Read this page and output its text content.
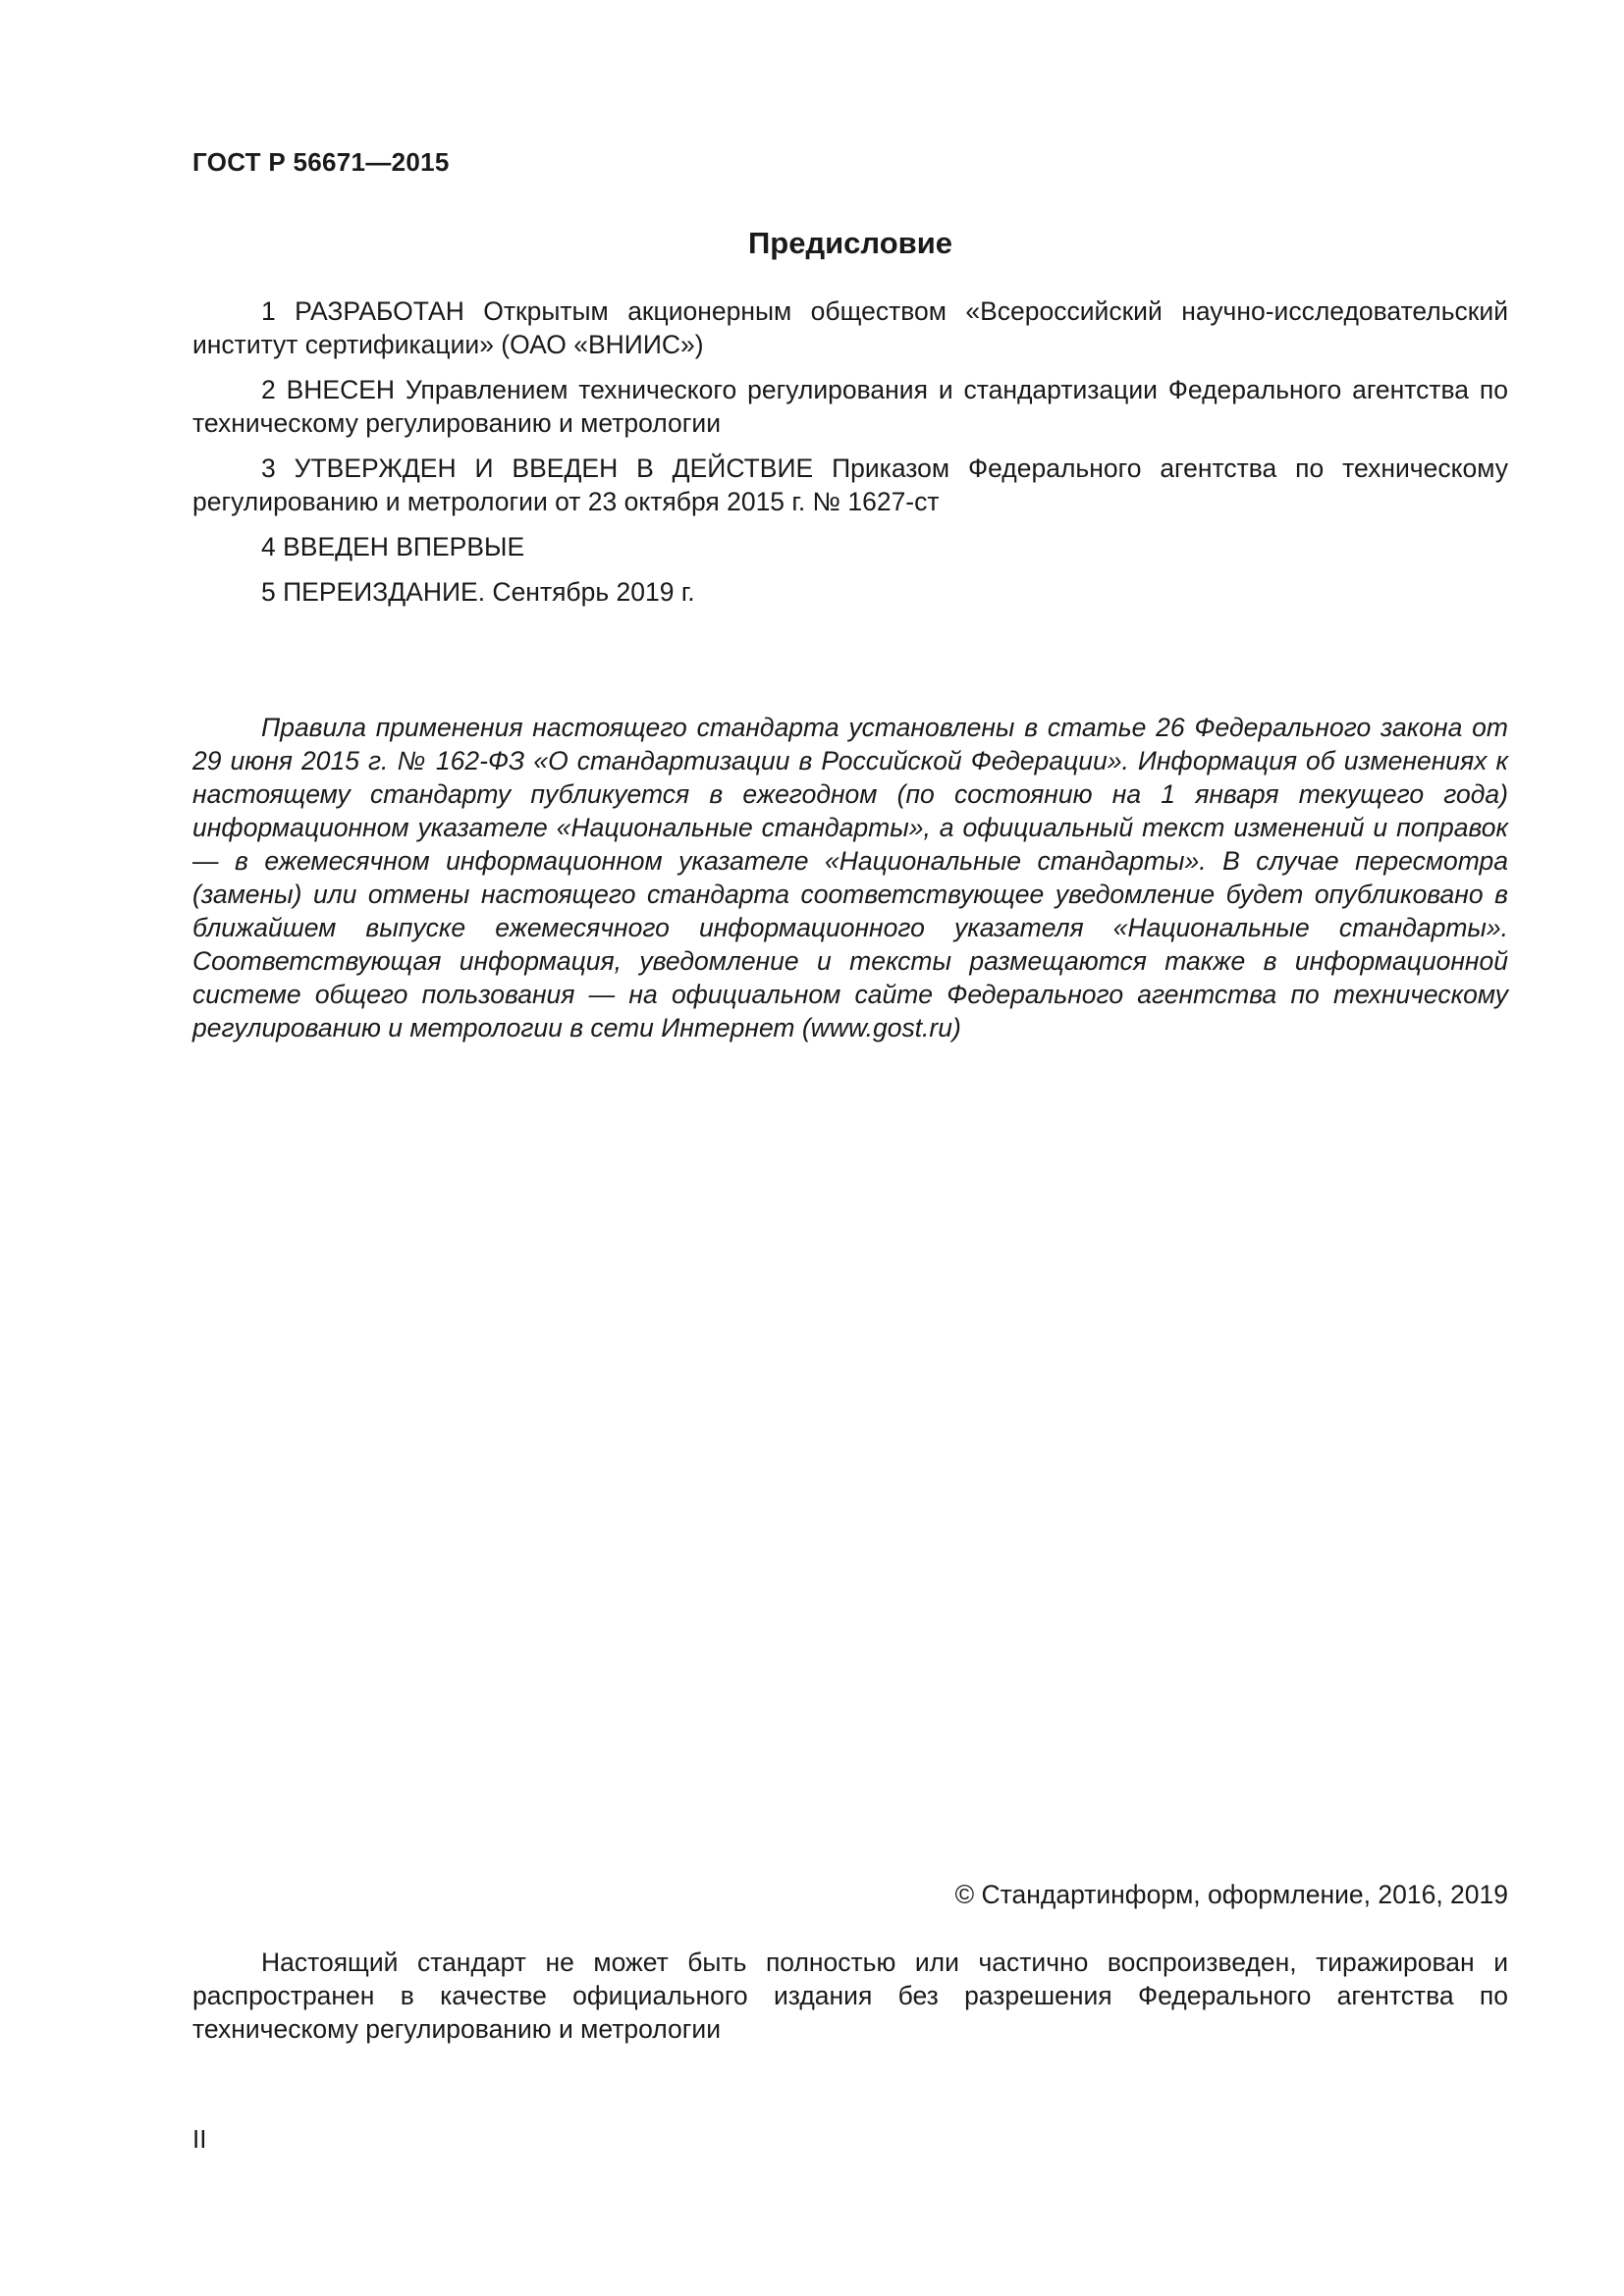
ГОСТ Р 56671—2015
Предисловие

1 РАЗРАБОТАН Открытым акционерным обществом «Всероссийский научно-исследовательский институт сертификации» (ОАО «ВНИИС»)

2 ВНЕСЕН Управлением технического регулирования и стандартизации Федерального агентства по техническому регулированию и метрологии

3 УТВЕРЖДЕН И ВВЕДЕН В ДЕЙСТВИЕ Приказом Федерального агентства по техническому регулированию и метрологии от 23 октября 2015 г. № 1627-ст

4 ВВЕДЕН ВПЕРВЫЕ

5 ПЕРЕИЗДАНИЕ. Сентябрь 2019 г.

Правила применения настоящего стандарта установлены в статье 26 Федерального закона от 29 июня 2015 г. № 162-ФЗ «О стандартизации в Российской Федерации». Информация об изменениях к настоящему стандарту публикуется в ежегодном (по состоянию на 1 января текущего года) информационном указателе «Национальные стандарты», а официальный текст изменений и поправок — в ежемесячном информационном указателе «Национальные стандарты». В случае пересмотра (замены) или отмены настоящего стандарта соответствующее уведомление будет опубликовано в ближайшем выпуске ежемесячного информационного указателя «Национальные стандарты». Соответствующая информация, уведомление и тексты размещаются также в информационной системе общего пользования — на официальном сайте Федерального агентства по техническому регулированию и метрологии в сети Интернет (www.gost.ru)

© Стандартинформ, оформление, 2016, 2019

Настоящий стандарт не может быть полностью или частично воспроизведен, тиражирован и распространен в качестве официального издания без разрешения Федерального агентства по техническому регулированию и метрологии

II
